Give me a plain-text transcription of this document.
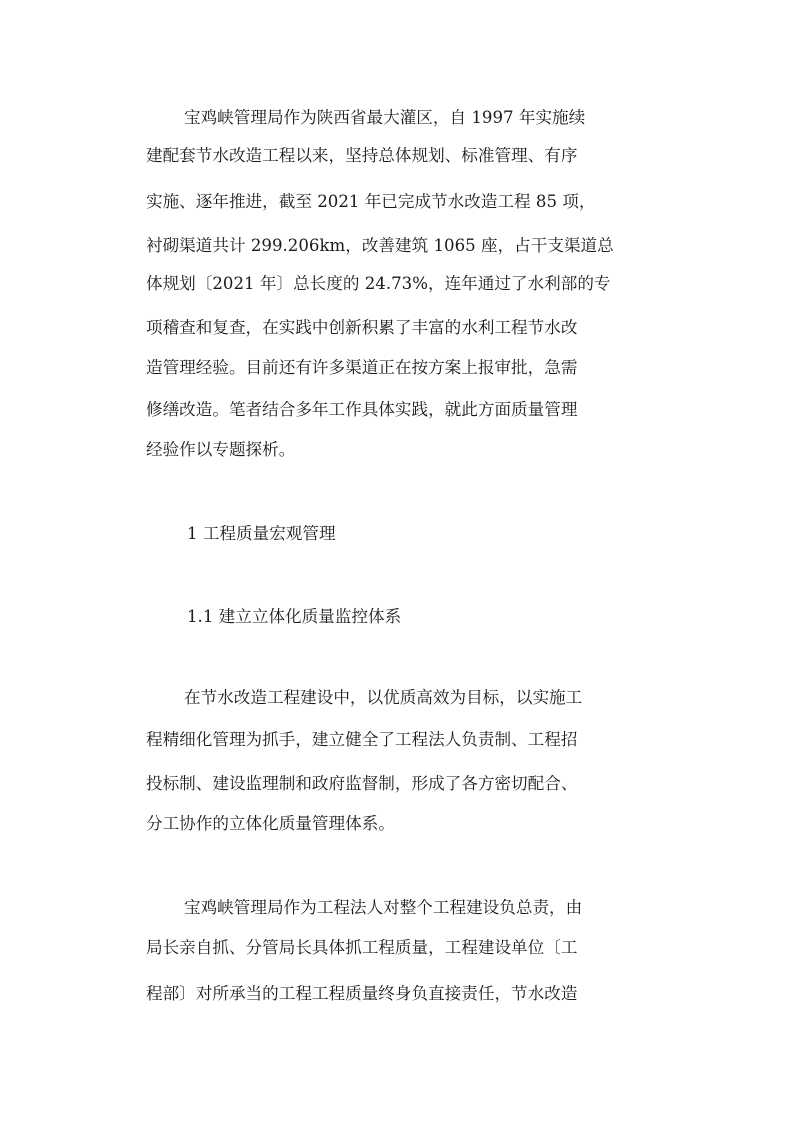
宝鸡峡管理局作为陕西省最大灌区，自 1997 年实施续
建配套节水改造工程以来，坚持总体规划、标准管理、有序
实施、逐年推进，截至 2021 年已完成节水改造工程 85 项，
衬砌渠道共计 299.206km，改善建筑 1065 座，占干支渠道总
体规划〔2021 年〕总长度的 24.73%，连年通过了水利部的专
项稽查和复查，在实践中创新积累了丰富的水利工程节水改
造管理经验。目前还有许多渠道正在按方案上报审批，急需
修缮改造。笔者结合多年工作具体实践，就此方面质量管理
经验作以专题探析。
1 工程质量宏观管理
1.1 建立立体化质量监控体系
在节水改造工程建设中，以优质高效为目标，以实施工
程精细化管理为抓手，建立健全了工程法人负责制、工程招
投标制、建设监理制和政府监督制，形成了各方密切配合、
分工协作的立体化质量管理体系。
宝鸡峡管理局作为工程法人对整个工程建设负总责，由
局长亲自抓、分管局长具体抓工程质量，工程建设单位〔工
程部〕对所承当的工程工程质量终身负直接责任，节水改造
